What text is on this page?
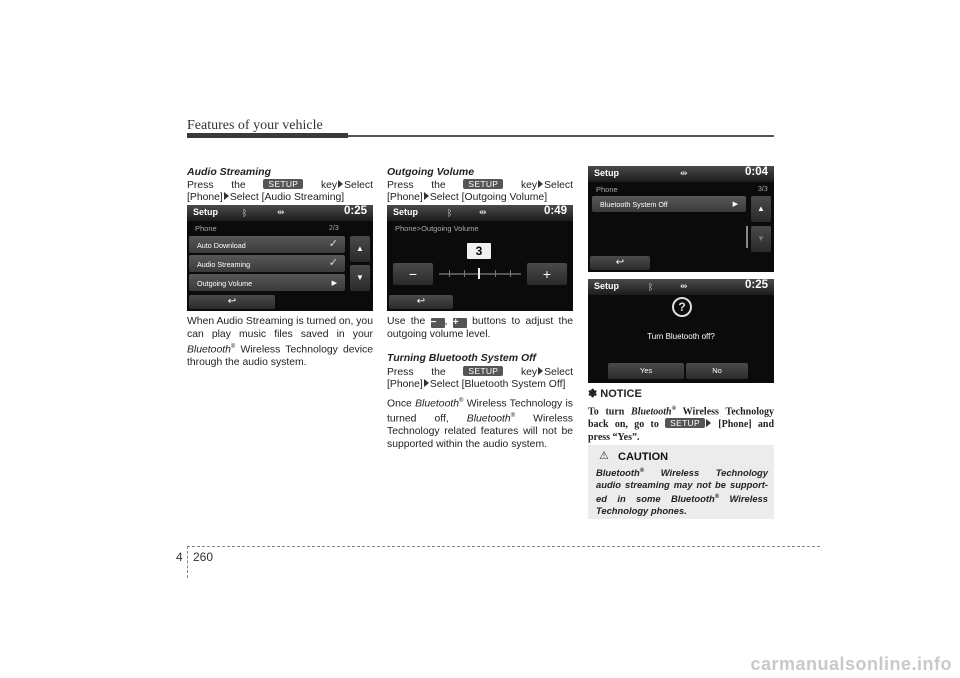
Features of your vehicle
Audio Streaming
Press the	SETUP key Select
[Phone] Select [Audio Streaming]
Setup	ᛒ	⇹	0:25
Phone	2/3
Auto Download	✓
Audio Streaming	✓
Outgoing Volume	▶
▲
▼
↩
When Audio Streaming is turned on, you
can play music files saved in your
Bluetooth® Wireless Technology device
through the audio system.
Outgoing Volume
Press the	SETUP key Select
[Phone] Select [Outgoing Volume]
Setup	ᛒ	⇹	0:49
Phone>Outgoing Volume
3
−	+
↩
Use the − , + buttons to adjust the
outgoing volume level.
Turning Bluetooth System Off
Press the	SETUP key Select
[Phone] Select [Bluetooth System Off]
Once Bluetooth® Wireless Technology is
turned off, Bluetooth® Wireless
Technology related features will not be
supported within the audio system.
Setup	⇹	0:04
Phone	3/3
Bluetooth System Off	▶	▲
▼
↩
Setup	ᛒ	⇹	0:25
?
Turn Bluetooth off?
Yes	No
✽ NOTICE
To turn Bluetooth® Wireless Technology
back on, go to SETUP [Phone] and
press “Yes”.
⚠ CAUTION
Bluetooth® Wireless Technology
audio streaming may not be support-
ed in some Bluetooth® Wireless
Technology phones.
4 260
carmanualsonline.info
